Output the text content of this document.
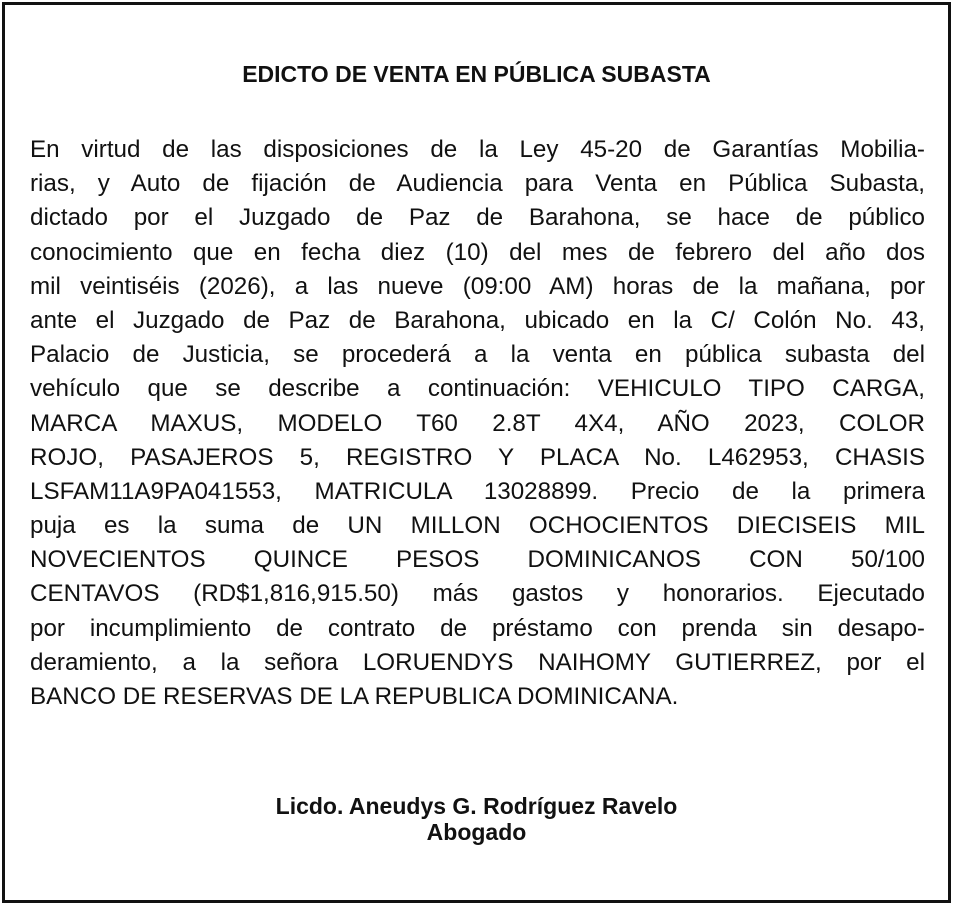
EDICTO DE VENTA EN PÚBLICA SUBASTA
En virtud de las disposiciones de la Ley 45-20 de Garantías Mobilia-
rias, y Auto de fijación de Audiencia para Venta en Pública Subasta,
dictado por el Juzgado de Paz de Barahona, se hace de público
conocimiento que en fecha diez (10) del mes de febrero del año dos
mil veintiséis (2026), a las nueve (09:00 AM) horas de la mañana, por
ante el Juzgado de Paz de Barahona, ubicado en la C/ Colón No. 43,
Palacio de Justicia, se procederá a la venta en pública subasta del
vehículo que se describe a continuación: VEHICULO TIPO CARGA,
MARCA MAXUS, MODELO T60 2.8T 4X4, AÑO 2023, COLOR
ROJO, PASAJEROS 5, REGISTRO Y PLACA No. L462953, CHASIS
LSFAM11A9PA041553, MATRICULA 13028899. Precio de la primera
puja es la suma de UN MILLON OCHOCIENTOS DIECISEIS MIL
NOVECIENTOS QUINCE PESOS DOMINICANOS CON 50/100
CENTAVOS (RD$1,816,915.50) más gastos y honorarios. Ejecutado
por incumplimiento de contrato de préstamo con prenda sin desapo-
deramiento, a la señora LORUENDYS NAIHOMY GUTIERREZ, por el
BANCO DE RESERVAS DE LA REPUBLICA DOMINICANA.
Licdo. Aneudys G. Rodríguez Ravelo
Abogado
